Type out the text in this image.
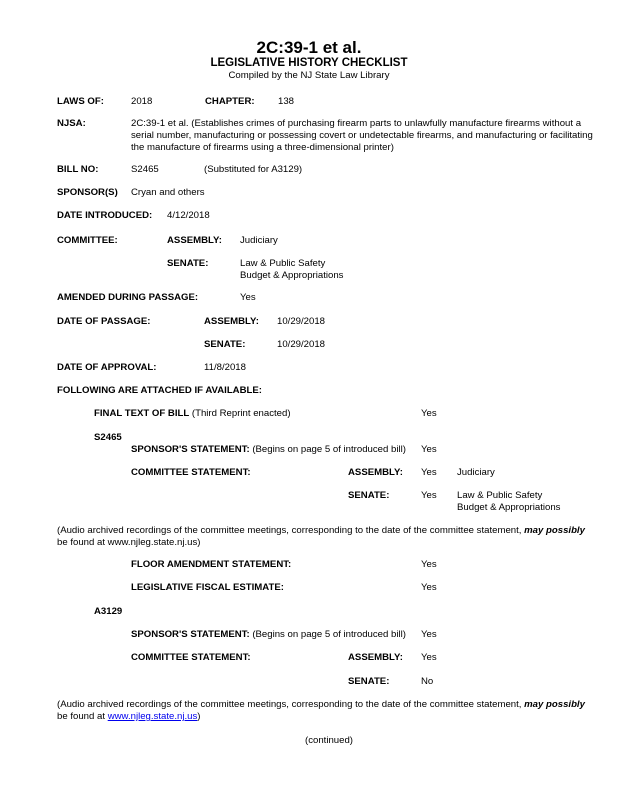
2C:39-1 et al.
LEGISLATIVE HISTORY CHECKLIST
Compiled by the NJ State Law Library
LAWS OF:	2018	CHAPTER: 138
NJSA:	2C:39-1 et al. (Establishes crimes of purchasing firearm parts to unlawfully manufacture firearms without a serial number, manufacturing or possessing covert or undetectable firearms, and manufacturing or facilitating the manufacture of firearms using a three-dimensional printer)
BILL NO:	S2465	(Substituted for A3129)
SPONSOR(S) Cryan and others
DATE INTRODUCED: 4/12/2018
COMMITTEE:	ASSEMBLY: Judiciary
SENATE:	Law & Public Safety
Budget & Appropriations
AMENDED DURING PASSAGE:	Yes
DATE OF PASSAGE:	ASSEMBLY: 10/29/2018
SENATE:	10/29/2018
DATE OF APPROVAL:	11/8/2018
FOLLOWING ARE ATTACHED IF AVAILABLE:
FINAL TEXT OF BILL (Third Reprint enacted)	Yes
S2465
SPONSOR'S STATEMENT: (Begins on page 5 of introduced bill) Yes
COMMITTEE STATEMENT:	ASSEMBLY: Yes Judiciary
SENATE:	Yes Law & Public Safety
Budget & Appropriations
(Audio archived recordings of the committee meetings, corresponding to the date of the committee statement, may possibly
be found at www.njleg.state.nj.us)
FLOOR AMENDMENT STATEMENT:	Yes
LEGISLATIVE FISCAL ESTIMATE:	Yes
A3129
SPONSOR'S STATEMENT: (Begins on page 5 of introduced bill) Yes
COMMITTEE STATEMENT:	ASSEMBLY: Yes
SENATE:	No
(Audio archived recordings of the committee meetings, corresponding to the date of the committee statement, may possibly
be found at www.njleg.state.nj.us)
(continued)
